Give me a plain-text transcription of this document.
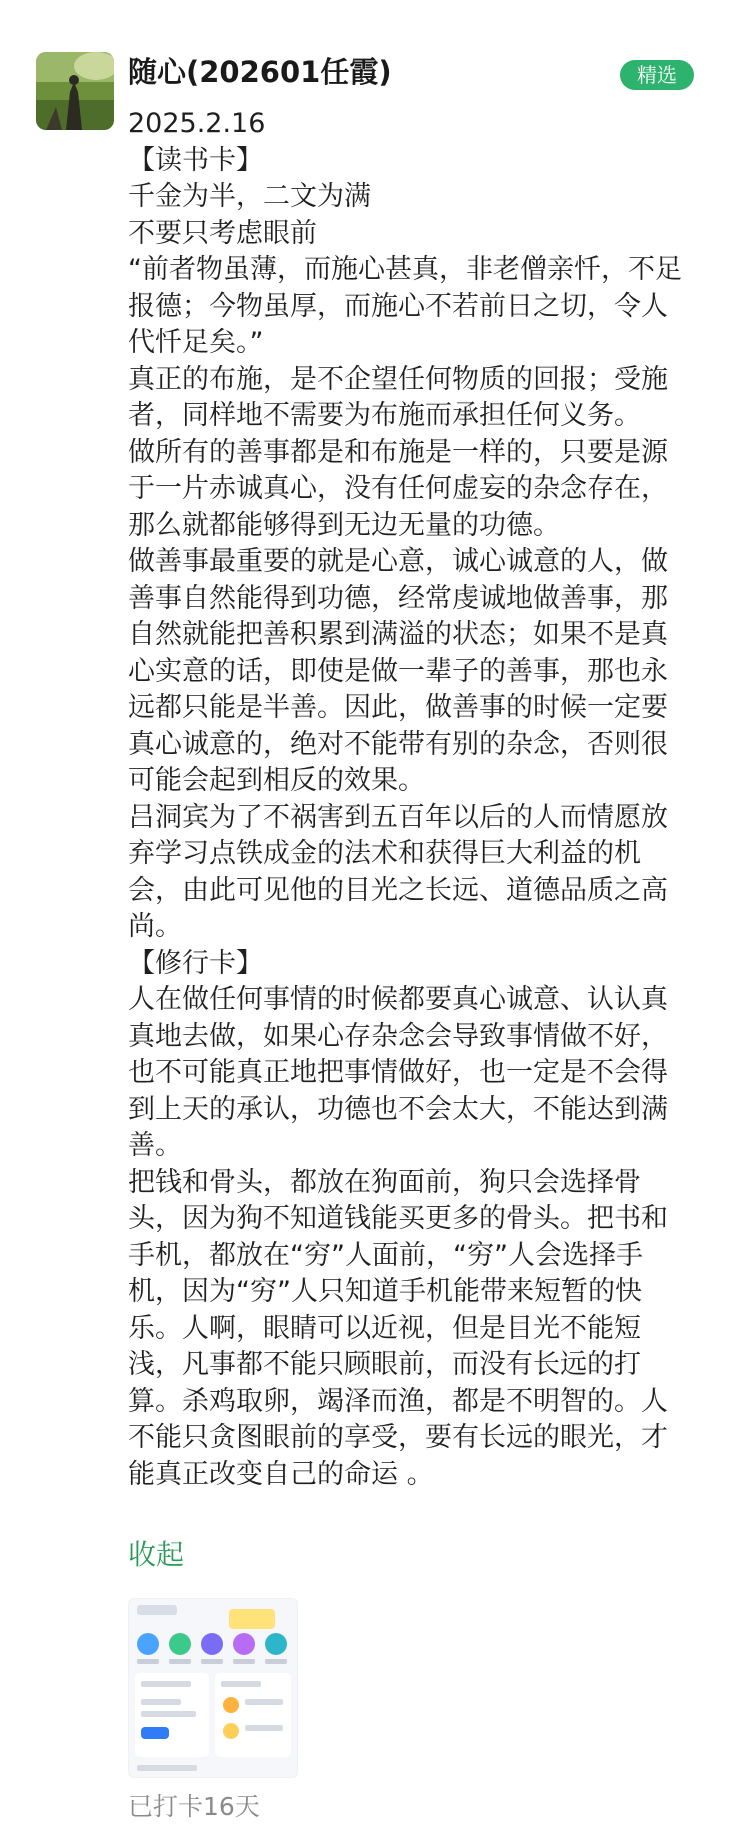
随心(202601任霞)	精选

2025.2.16

【读书卡】

千金为半，二文为满

不要只考虑眼前

“前者物虽薄，而施心甚真，非老僧亲忏，不足报德；今物虽厚，而施心不若前日之切，令人代忏足矣。”

真正的布施，是不企望任何物质的回报；受施者，同样地不需要为布施而承担任何义务。

做所有的善事都是和布施是一样的，只要是源于一片赤诚真心，没有任何虚妄的杂念存在，那么就都能够得到无边无量的功德。

做善事最重要的就是心意，诚心诚意的人，做善事自然能得到功德，经常虔诚地做善事，那自然就能把善积累到满溢的状态；如果不是真心实意的话，即使是做一辈子的善事，那也永远都只能是半善。因此，做善事的时候一定要真心诚意的，绝对不能带有别的杂念，否则很可能会起到相反的效果。

吕洞宾为了不祸害到五百年以后的人而情愿放弃学习点铁成金的法术和获得巨大利益的机会，由此可见他的目光之长远、道德品质之高尚。

【修行卡】

人在做任何事情的时候都要真心诚意、认认真真地去做，如果心存杂念会导致事情做不好，也不可能真正地把事情做好，也一定是不会得到上天的承认，功德也不会太大，不能达到满善。

把钱和骨头，都放在狗面前，狗只会选择骨头，因为狗不知道钱能买更多的骨头。把书和手机，都放在“穷”人面前，“穷”人会选择手机，因为“穷”人只知道手机能带来短暂的快乐。人啊，眼睛可以近视，但是目光不能短浅，凡事都不能只顾眼前，而没有长远的打算。杀鸡取卵，竭泽而渔，都是不明智的。人不能只贪图眼前的享受，要有长远的眼光，才能真正改变自己的命运 。

收起
已打卡16天
